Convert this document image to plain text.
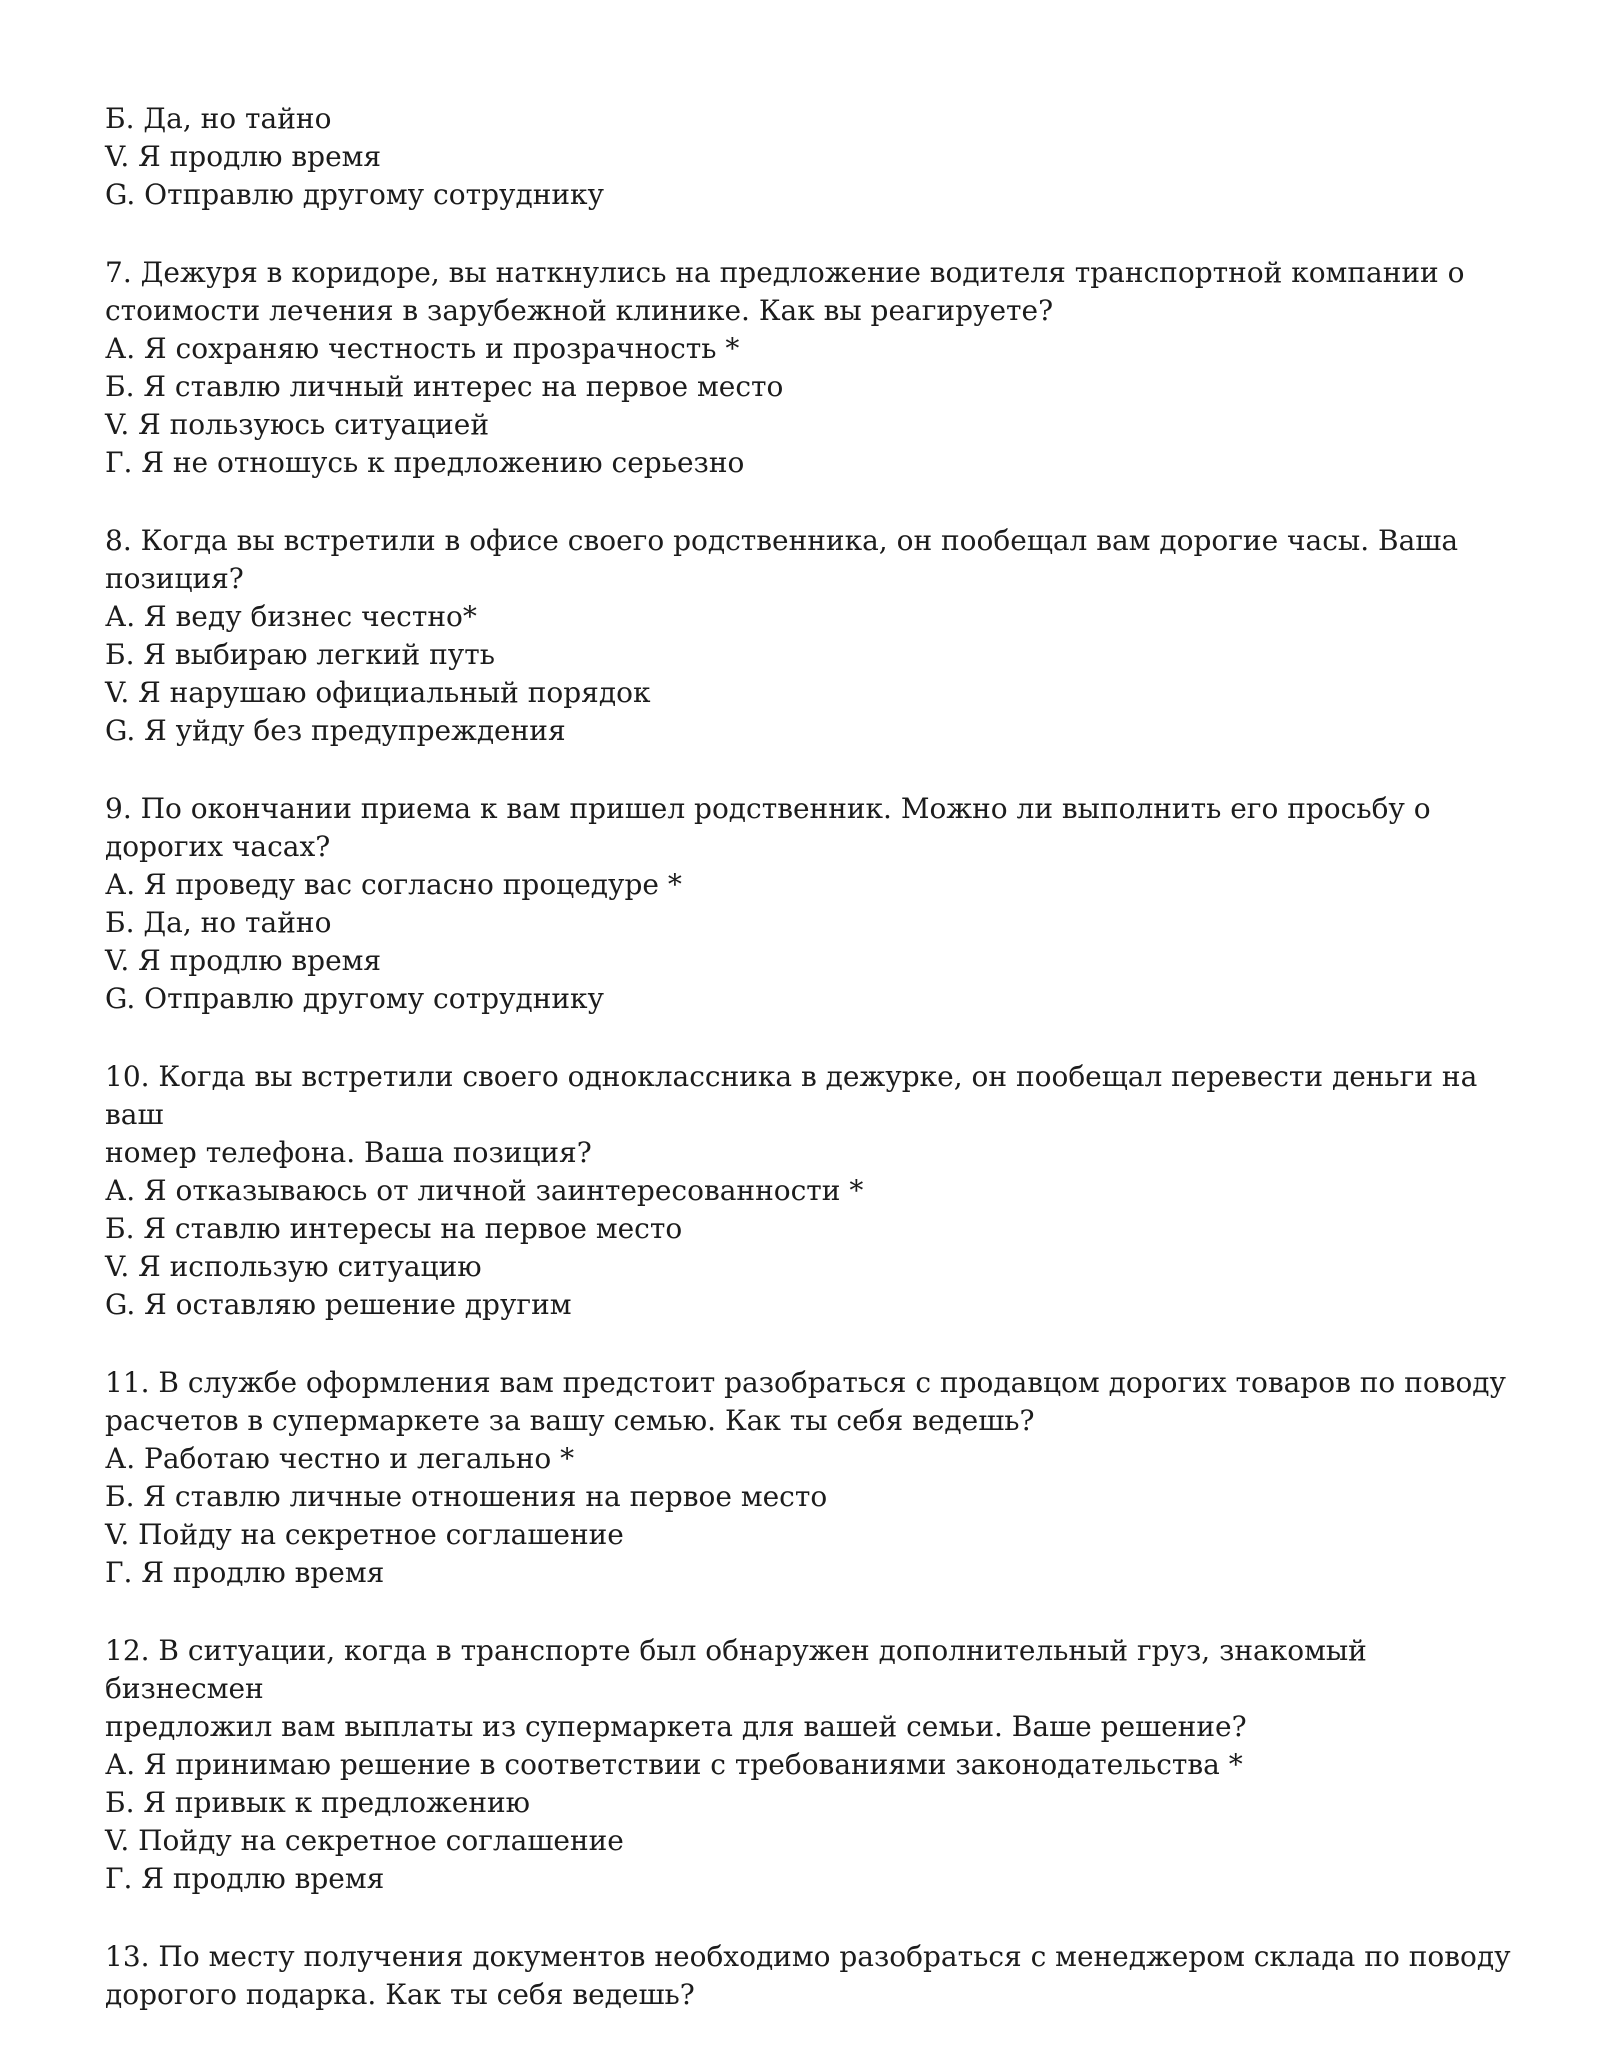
Б. Да, но тайно
V. Я продлю время
G. Отправлю другому сотруднику
7. Дежуря в коридоре, вы наткнулись на предложение водителя транспортной компании о
стоимости лечения в зарубежной клинике. Как вы реагируете?
А. Я сохраняю честность и прозрачность *
Б. Я ставлю личный интерес на первое место
V. Я пользуюсь ситуацией
Г. Я не отношусь к предложению серьезно
8. Когда вы встретили в офисе своего родственника, он пообещал вам дорогие часы. Ваша
позиция?
А. Я веду бизнес честно*
Б. Я выбираю легкий путь
V. Я нарушаю официальный порядок
G. Я уйду без предупреждения
9. По окончании приема к вам пришел родственник. Можно ли выполнить его просьбу о
дорогих часах?
А. Я проведу вас согласно процедуре *
Б. Да, но тайно
V. Я продлю время
G. Отправлю другому сотруднику
10. Когда вы встретили своего одноклассника в дежурке, он пообещал перевести деньги на ваш
номер телефона. Ваша позиция?
А. Я отказываюсь от личной заинтересованности *
Б. Я ставлю интересы на первое место
V. Я использую ситуацию
G. Я оставляю решение другим
11. В службе оформления вам предстоит разобраться с продавцом дорогих товаров по поводу
расчетов в супермаркете за вашу семью. Как ты себя ведешь?
А. Работаю честно и легально *
Б. Я ставлю личные отношения на первое место
V. Пойду на секретное соглашение
Г. Я продлю время
12. В ситуации, когда в транспорте был обнаружен дополнительный груз, знакомый бизнесмен
предложил вам выплаты из супермаркета для вашей семьи. Ваше решение?
А. Я принимаю решение в соответствии с требованиями законодательства *
Б. Я привык к предложению
V. Пойду на секретное соглашение
Г. Я продлю время
13. По месту получения документов необходимо разобраться с менеджером склада по поводу
дорогого подарка. Как ты себя ведешь?
